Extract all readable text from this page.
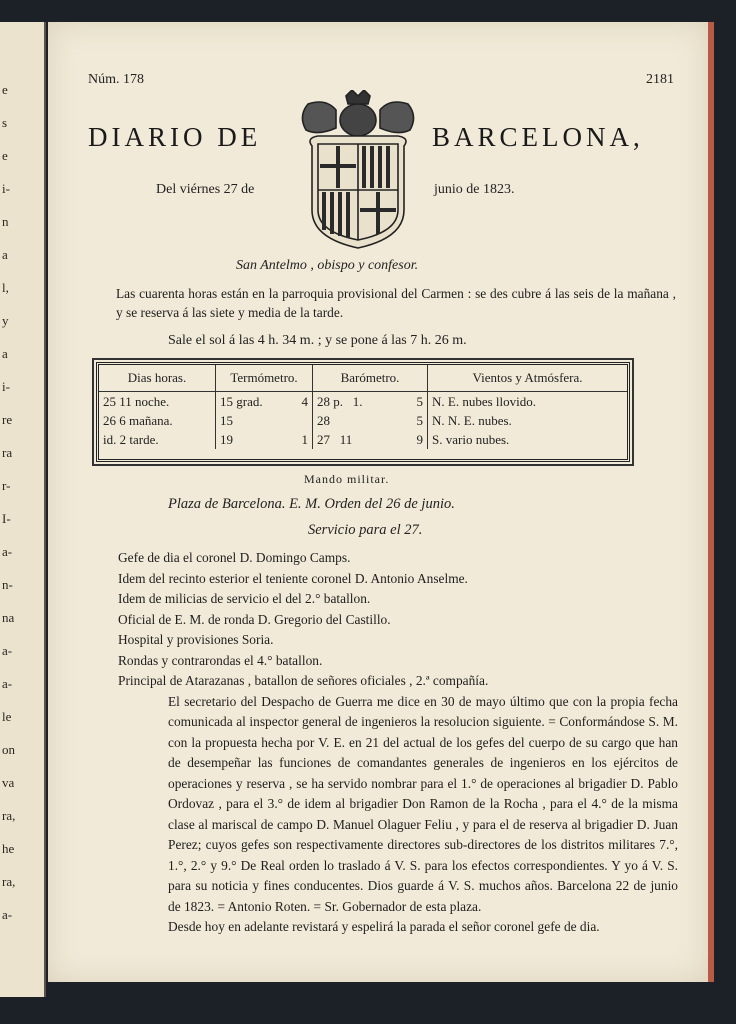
e
s
e
i-
n
a
l,
y
a
i-
re
ra
r-
I-
a-
n-
na
a-
a-
le
on
va
ra,
he
ra,
a-
Núm. 178	2181
DIARIO DE	BARCELONA,
Del viérnes 27 de	junio de 1823.
San Antelmo , obispo y confesor.
Las cuarenta horas están en la parroquia provisional del Carmen : se des cubre á las seis de la mañana , y se reserva á las siete y media de la tarde.
Sale el sol á las 4 h. 34 m. ; y se pone á las 7 h. 26 m.
Dias horas.	Termómetro.	Barómetro.	Vientos y Atmósfera.
25 11 noche.	15 grad. 4	28 p. 1. 5	N. E. nubes llovido.
26 6 mañana.	15	28 5	N. N. E. nubes.
id. 2 tarde.	19 1	27 11 9	S. vario nubes.
Mando militar.
Plaza de Barcelona. E. M. Orden del 26 de junio.
Servicio para el 27.
Gefe de dia el coronel D. Domingo Camps.
Idem del recinto esterior el teniente coronel D. Antonio Anselme.
Idem de milicias de servicio el del 2.° batallon.
Oficial de E. M. de ronda D. Gregorio del Castillo.
Hospital y provisiones Soria.
Rondas y contrarondas el 4.° batallon.
Principal de Atarazanas , batallon de señores oficiales , 2.ª compañía.
El secretario del Despacho de Guerra me dice en 30 de mayo último que con la propia fecha comunicada al inspector general de ingenieros la resolucion siguiente. = Conformándose S. M. con la propuesta hecha por V. E. en 21 del actual de los gefes del cuerpo de su cargo que han de desempeñar las funciones de comandantes generales de ingenieros en los ejércitos de operaciones y reserva , se ha servido nombrar para el 1.° de operaciones al brigadier D. Pablo Ordovaz , para el 3.° de idem al brigadier Don Ramon de la Rocha , para el 4.° de la misma clase al mariscal de campo D. Manuel Olaguer Feliu , y para el de reserva al brigadier D. Juan Perez; cuyos gefes son respectivamente directores sub-directores de los distritos militares 7.°, 1.°, 2.° y 9.° De Real orden lo traslado á V. S. para los efectos correspondientes. Y yo á V. S. para su noticia y fines conducentes. Dios guarde á V. S. muchos años. Barcelona 22 de junio de 1823. = Antonio Roten. = Sr. Gobernador de esta plaza.
Desde hoy en adelante revistará y espelirá la parada el señor coronel gefe de dia.
